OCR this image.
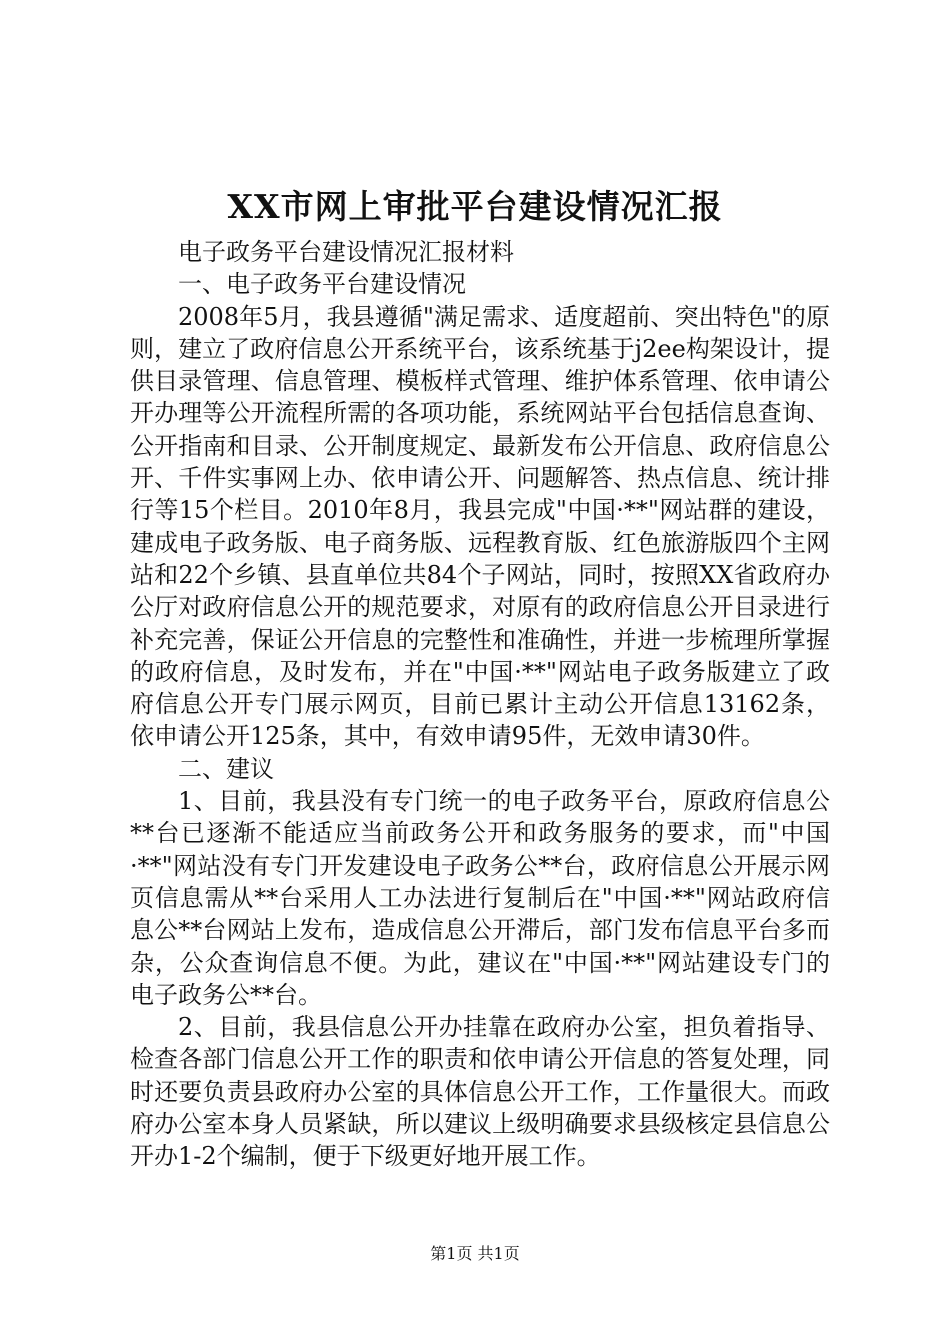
XX市网上审批平台建设情况汇报

电子政务平台建设情况汇报材料

一、电子政务平台建设情况

2008年5月，我县遵循"满足需求、适度超前、突出特色"的原则，建立了政府信息公开系统平台，该系统基于j2ee构架设计，提供目录管理、信息管理、模板样式管理、维护体系管理、依申请公开办理等公开流程所需的各项功能，系统网站平台包括信息查询、公开指南和目录、公开制度规定、最新发布公开信息、政府信息公开、千件实事网上办、依申请公开、问题解答、热点信息、统计排行等15个栏目。2010年8月，我县完成"中国·**"网站群的建设，建成电子政务版、电子商务版、远程教育版、红色旅游版四个主网站和22个乡镇、县直单位共84个子网站，同时，按照XX省政府办公厅对政府信息公开的规范要求，对原有的政府信息公开目录进行补充完善，保证公开信息的完整性和准确性，并进一步梳理所掌握的政府信息，及时发布，并在"中国·**"网站电子政务版建立了政府信息公开专门展示网页，目前已累计主动公开信息13162条，依申请公开125条，其中，有效申请95件，无效申请30件。

二、建议

1、目前，我县没有专门统一的电子政务平台，原政府信息公**台已逐渐不能适应当前政务公开和政务服务的要求，而"中国·**"网站没有专门开发建设电子政务公**台，政府信息公开展示网页信息需从**台采用人工办法进行复制后在"中国·**"网站政府信息公**台网站上发布，造成信息公开滞后，部门发布信息平台多而杂，公众查询信息不便。为此，建议在"中国·**"网站建设专门的电子政务公**台。

2、目前，我县信息公开办挂靠在政府办公室，担负着指导、检查各部门信息公开工作的职责和依申请公开信息的答复处理，同时还要负责县政府办公室的具体信息公开工作，工作量很大。而政府办公室本身人员紧缺，所以建议上级明确要求县级核定县信息公开办1-2个编制，便于下级更好地开展工作。

第1页 共1页
